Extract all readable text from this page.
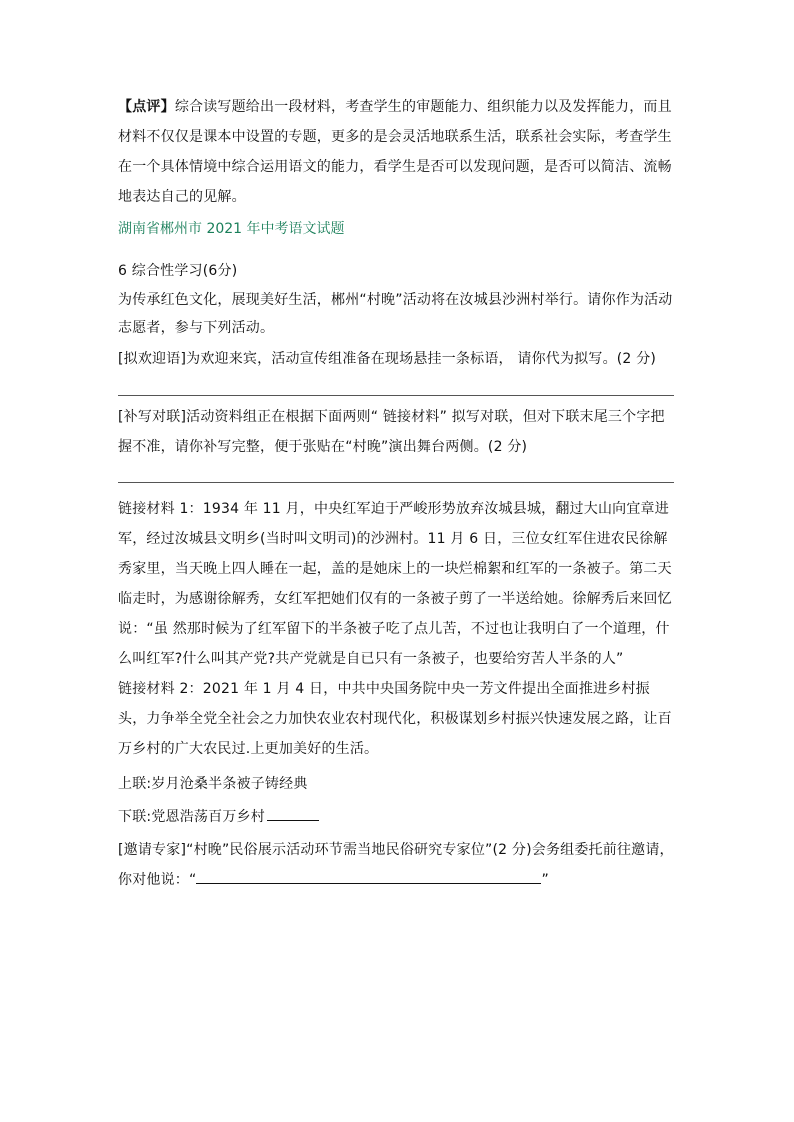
【点评】综合读写题给出一段材料，考查学生的审题能力、组织能力以及发挥能力，而且材料不仅仅是课本中设置的专题，更多的是会灵活地联系生活，联系社会实际，考查学生在一个具体情境中综合运用语文的能力，看学生是否可以发现问题，是否可以简洁、流畅地表达自己的见解。

湖南省郴州市 2021 年中考语文试题

6 综合性学习(6分)

为传承红色文化，展现美好生活，郴州“村晚”活动将在汝城县沙洲村举行。请你作为活动志愿者，参与下列活动。

[拟欢迎语]为欢迎来宾，活动宣传组准备在现场悬挂一条标语， 请你代为拟写。(2 分)

[补写对联]活动资料组正在根据下面两则“ 链接材料” 拟写对联，但对下联末尾三个字把握不准，请你补写完整，便于张贴在“村晚”演出舞台两侧。(2 分)

链接材料 1：1934 年 11 月，中央红军迫于严峻形势放弃汝城县城，翻过大山向宜章进军，经过汝城县文明乡(当时叫文明司)的沙洲村。11 月 6 日，三位女红军住进农民徐解秀家里，当天晚上四人睡在一起，盖的是她床上的一块烂棉絮和红军的一条被子。第二天临走时，为感谢徐解秀，女红军把她们仅有的一条被子剪了一半送给她。徐解秀后来回忆说：“虽 然那时候为了红军留下的半条被子吃了点儿苦，不过也让我明白了一个道理，什么叫红军?什么叫其产党?共产党就是自已只有一条被子，也要给穷苦人半条的人”

链接材料 2：2021 年 1 月 4 日，中共中央国务院中央一芳文件提出全面推进乡村振头，力争举全党全社会之力加快农业农村现代化，积极谋划乡村振兴快速发展之路，让百万乡村的广大农民过.上更加美好的生活。

上联:岁月沧桑半条被子铸经典

下联:党恩浩荡百万乡村

[邀请专家]“村晚”民俗展示活动环节需当地民俗研究专家位”(2 分)会务组委托前往邀请，你对他说：“	”
